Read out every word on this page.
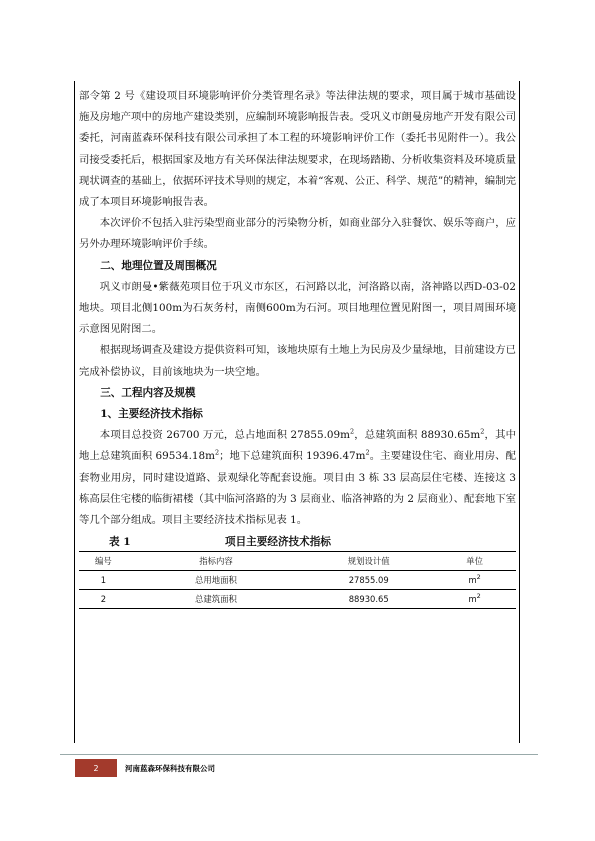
部令第 2 号《建设项目环境影响评价分类管理名录》等法律法规的要求，项目属于城市基础设施及房地产项中的房地产建设类别，应编制环境影响报告表。受巩义市朗曼房地产开发有限公司委托，河南蓝森环保科技有限公司承担了本工程的环境影响评价工作（委托书见附件一）。我公司接受委托后，根据国家及地方有关环保法律法规要求，在现场踏勘、分析收集资料及环境质量现状调查的基础上，依据环评技术导则的规定，本着“客观、公正、科学、规范”的精神，编制完成了本项目环境影响报告表。

本次评价不包括入驻污染型商业部分的污染物分析，如商业部分入驻餐饮、娱乐等商户，应另外办理环境影响评价手续。

二、地理位置及周围概况

巩义市朗曼•紫薇苑项目位于巩义市东区，石河路以北，河洛路以南，洛神路以西D-03-02地块。项目北侧100m为石灰务村，南侧600m为石河。项目地理位置见附图一，项目周围环境示意图见附图二。

根据现场调查及建设方提供资料可知，该地块原有土地上为民房及少量绿地，目前建设方已完成补偿协议，目前该地块为一块空地。

三、工程内容及规模
1、主要经济技术指标

本项目总投资 26700 万元，总占地面积 $27855.09m^2$，总建筑面积 $88930.65m^2$，其中地上总建筑面积 $69534.18m^2$；地下总建筑面积 $19396.47m^2$。主要建设住宅、商业用房、配套物业用房，同时建设道路、景观绿化等配套设施。项目由 3 栋 33 层高层住宅楼、连接这 3 栋高层住宅楼的临街裙楼（其中临河洛路的为 3 层商业、临洛神路的为 2 层商业）、配套地下室等几个部分组成。项目主要经济技术指标见表 1。

表 1	项目主要经济技术指标
编号	指标内容	规划设计值	单位
1	总用地面积	27855.09	$m^2$
2	总建筑面积	88930.65	$m^2$
2	河南蓝森环保科技有限公司
